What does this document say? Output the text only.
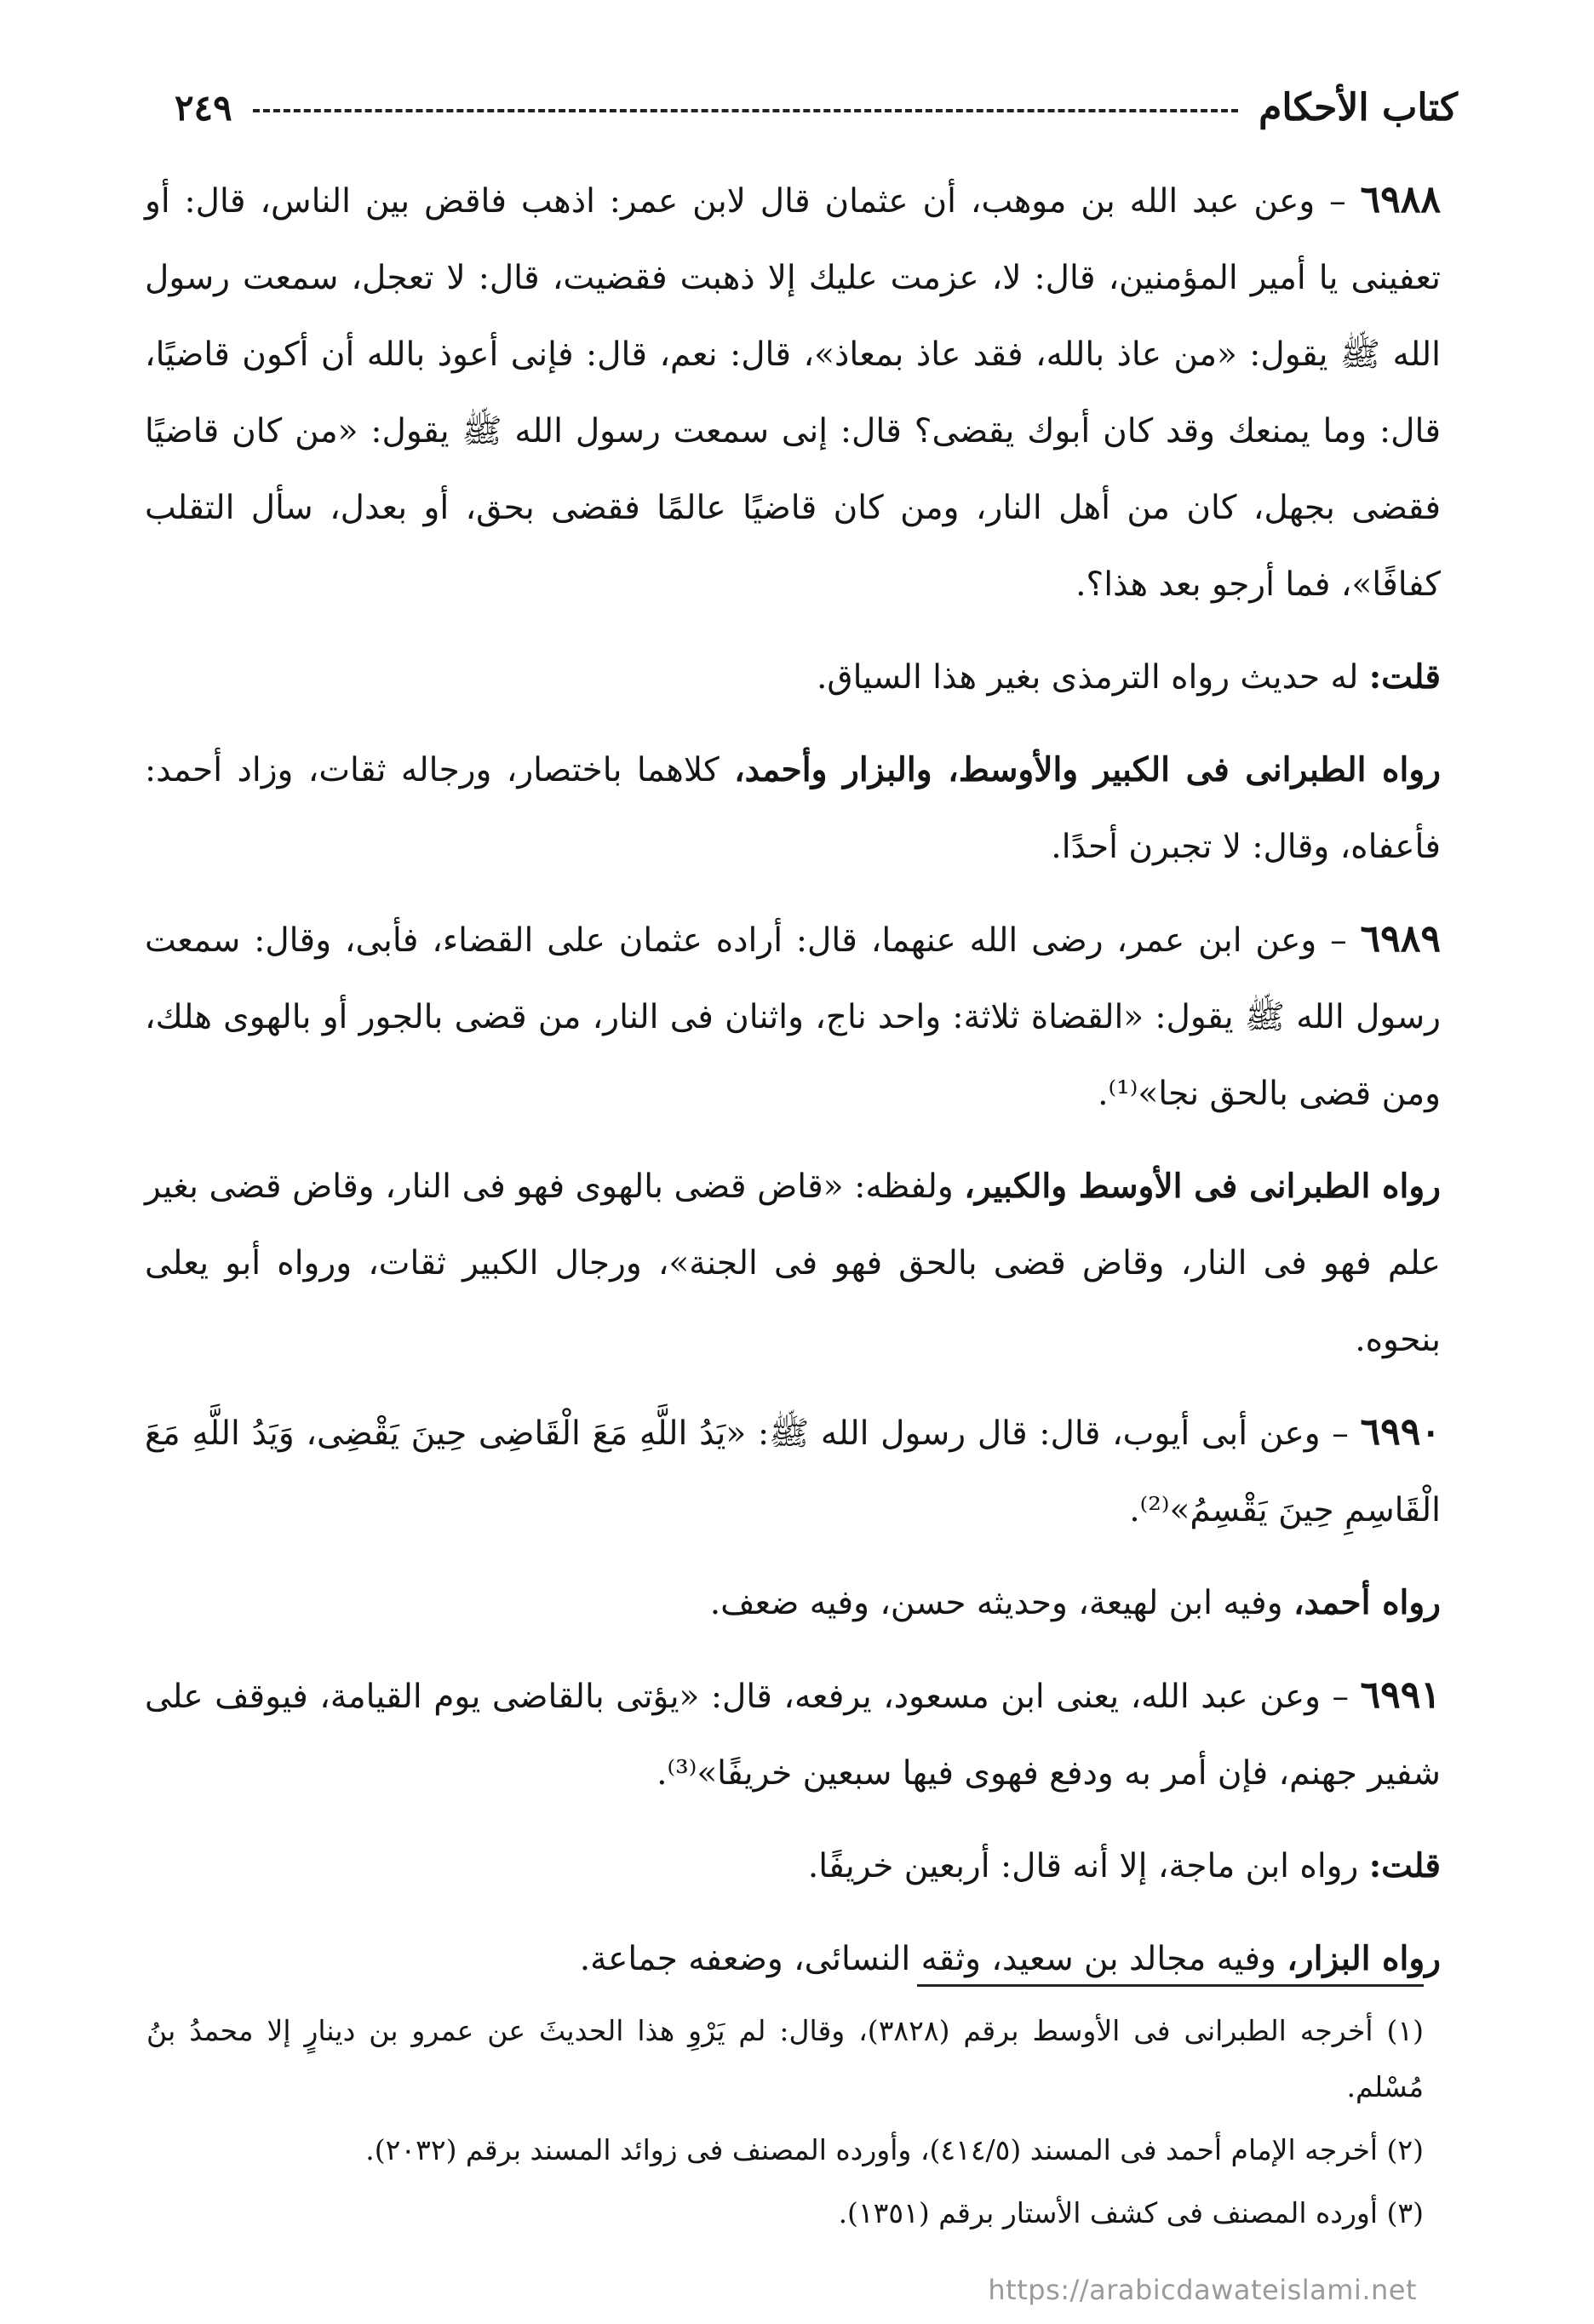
كتاب الأحكام
٢٤٩

٦٩٨٨ – وعن عبد الله بن موهب، أن عثمان قال لابن عمر: اذهب فاقض بين الناس، قال: أو تعفينى يا أمير المؤمنين، قال: لا، عزمت عليك إلا ذهبت فقضيت، قال: لا تعجل، سمعت رسول الله ﷺ يقول: «من عاذ بالله، فقد عاذ بمعاذ»، قال: نعم، قال: فإنى أعوذ بالله أن أكون قاضيًا، قال: وما يمنعك وقد كان أبوك يقضى؟ قال: إنى سمعت رسول الله ﷺ يقول: «من كان قاضيًا فقضى بجهل، كان من أهل النار، ومن كان قاضيًا عالمًا فقضى بحق، أو بعدل، سأل التقلب كفافًا»، فما أرجو بعد هذا؟.

قلت: له حديث رواه الترمذى بغير هذا السياق.

رواه الطبرانى فى الكبير والأوسط، والبزار وأحمد، كلاهما باختصار، ورجاله ثقات، وزاد أحمد: فأعفاه، وقال: لا تجبرن أحدًا.

٦٩٨٩ – وعن ابن عمر، رضى الله عنهما، قال: أراده عثمان على القضاء، فأبى، وقال: سمعت رسول الله ﷺ يقول: «القضاة ثلاثة: واحد ناج، واثنان فى النار، من قضى بالجور أو بالهوى هلك، ومن قضى بالحق نجا»⁽¹⁾.

رواه الطبرانى فى الأوسط والكبير، ولفظه: «قاض قضى بالهوى فهو فى النار، وقاض قضى بغير علم فهو فى النار، وقاض قضى بالحق فهو فى الجنة»، ورجال الكبير ثقات، ورواه أبو يعلى بنحوه.

٦٩٩٠ – وعن أبى أيوب، قال: قال رسول الله ﷺ: «يَدُ اللَّهِ مَعَ الْقَاضِى حِينَ يَقْضِى، وَيَدُ اللَّهِ مَعَ الْقَاسِمِ حِينَ يَقْسِمُ»⁽²⁾.

رواه أحمد، وفيه ابن لهيعة، وحديثه حسن، وفيه ضعف.

٦٩٩١ – وعن عبد الله، يعنى ابن مسعود، يرفعه، قال: «يؤتى بالقاضى يوم القيامة، فيوقف على شفير جهنم، فإن أمر به ودفع فهوى فيها سبعين خريفًا»⁽³⁾.

قلت: رواه ابن ماجة، إلا أنه قال: أربعين خريفًا.

رواه البزار، وفيه مجالد بن سعيد، وثقه النسائى، وضعفه جماعة.

(١) أخرجه الطبرانى فى الأوسط برقم (٣٨٢٨)، وقال: لم يَرْوِ هذا الحديثَ عن عمرو بن دينارٍ إلا محمدُ بنُ مُسْلم.

(٢) أخرجه الإمام أحمد فى المسند (٤١٤/٥)، وأورده المصنف فى زوائد المسند برقم (٢٠٣٢).

(٣) أورده المصنف فى كشف الأستار برقم (١٣٥١).

https://arabicdawateislami.net
